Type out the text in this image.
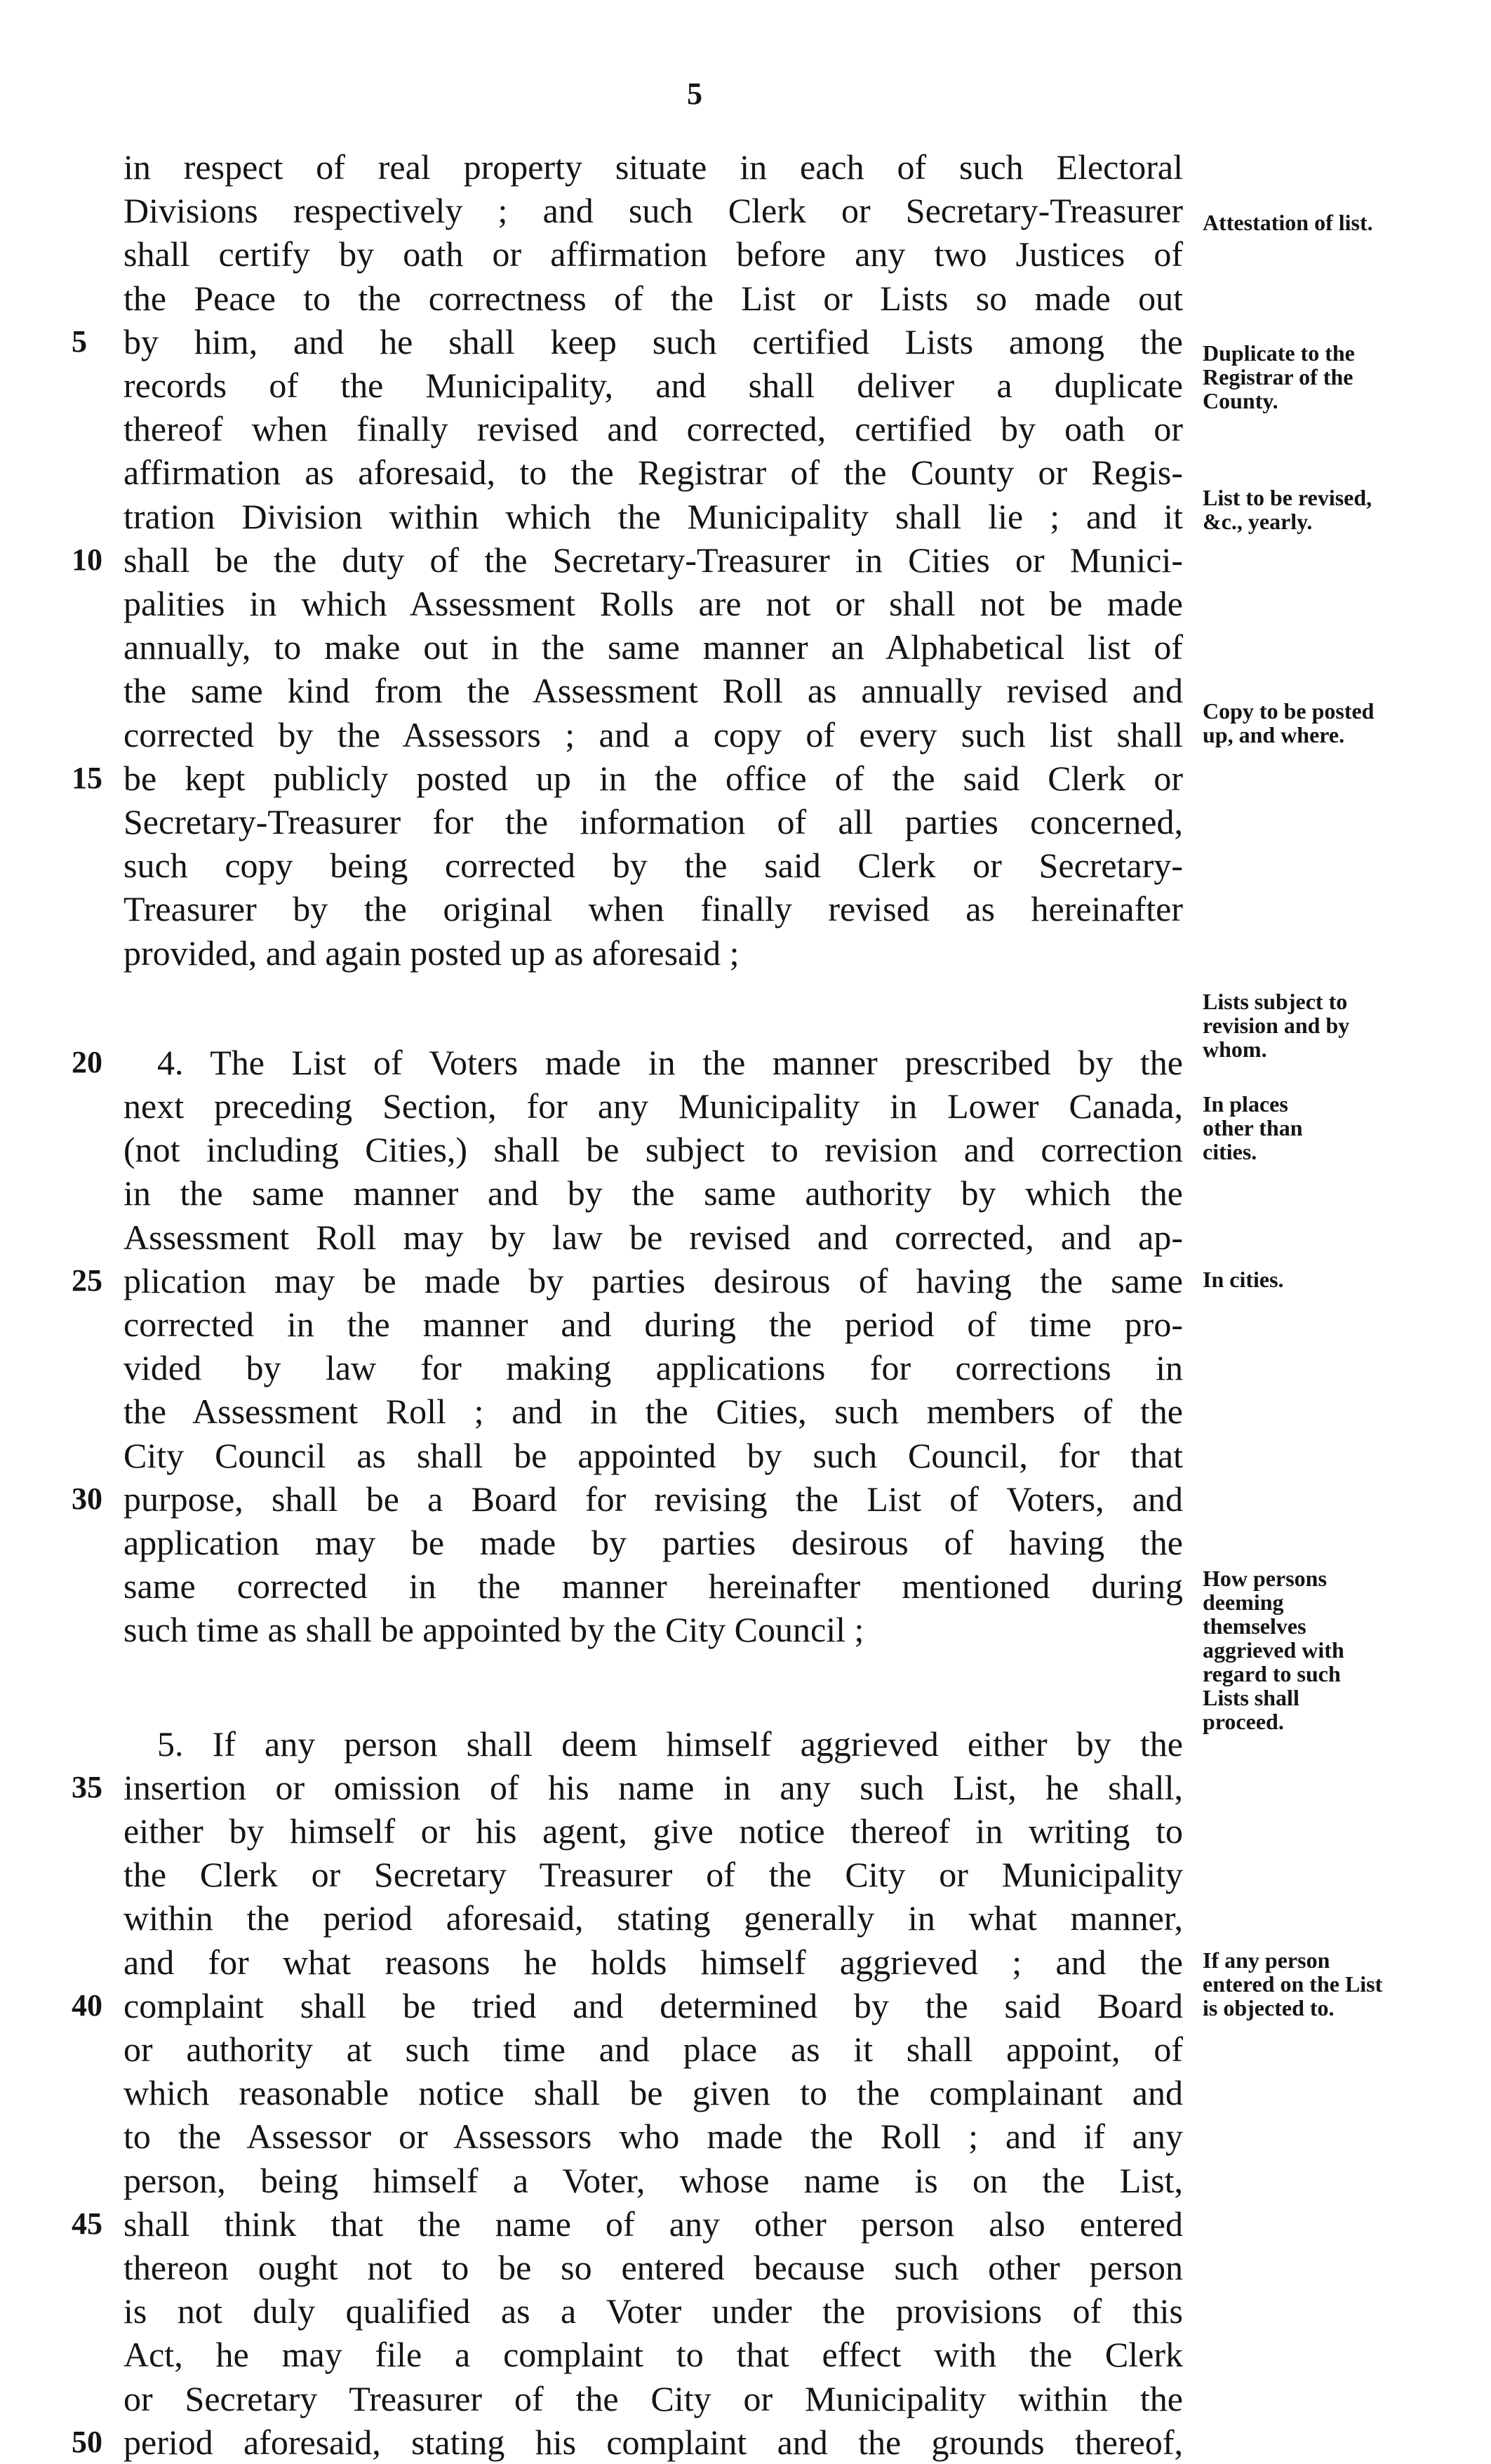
5
in respect of real property situate in each of such Electoral
Divisions respectively ; and such Clerk or Secretary-Treasurer
shall certify by oath or affirmation before any two Justices of
the Peace to the correctness of the List or Lists so made out
by him, and he shall keep such certified Lists among the
5
records of the Municipality, and shall deliver a duplicate
thereof when finally revised and corrected, certified by oath or
affirmation as aforesaid, to the Registrar of the County or Regis-
tration Division within which the Municipality shall lie ; and it
shall be the duty of the Secretary-Treasurer in Cities or Munici-
10
palities in which Assessment Rolls are not or shall not be made
annually, to make out in the same manner an Alphabetical list of
the same kind from the Assessment Roll as annually revised and
corrected by the Assessors ; and a copy of every such list shall
be kept publicly posted up in the office of the said Clerk or
15
Secretary-Treasurer for the information of all parties concerned,
such copy being corrected by the said Clerk or Secretary-
Treasurer by the original when finally revised as hereinafter
provided, and again posted up as aforesaid ;
4. The List of Voters made in the manner prescribed by the
20
next preceding Section, for any Municipality in Lower Canada,
(not including Cities,) shall be subject to revision and correction
in the same manner and by the same authority by which the
Assessment Roll may by law be revised and corrected, and ap-
plication may be made by parties desirous of having the same
25
corrected in the manner and during the period of time pro-
vided by law for making applications for corrections in
the Assessment Roll ; and in the Cities, such members of the
City Council as shall be appointed by such Council, for that
purpose, shall be a Board for revising the List of Voters, and
30
application may be made by parties desirous of having the
same corrected in the manner hereinafter mentioned during
such time as shall be appointed by the City Council ;
5. If any person shall deem himself aggrieved either by the
insertion or omission of his name in any such List, he shall,
35
either by himself or his agent, give notice thereof in writing to
the Clerk or Secretary Treasurer of the City or Municipality
within the period aforesaid, stating generally in what manner,
and for what reasons he holds himself aggrieved ; and the
complaint shall be tried and determined by the said Board
40
or authority at such time and place as it shall appoint, of
which reasonable notice shall be given to the complainant and
to the Assessor or Assessors who made the Roll ; and if any
person, being himself a Voter, whose name is on the List,
shall think that the name of any other person also entered
45
thereon ought not to be so entered because such other person
is not duly qualified as a Voter under the provisions of this
Act, he may file a complaint to that effect with the Clerk
or Secretary Treasurer of the City or Municipality within the
period aforesaid, stating his complaint and the grounds thereof,
50
Attestation of list.
Duplicate to the Registrar of the County.
List to be revised, &c., yearly.
Copy to be posted up, and where.
Lists subject to revision and by whom.
In places other than cities.
In cities.
How persons deeming themselves aggrieved with regard to such Lists shall proceed.
If any person entered on the List is objected to.
